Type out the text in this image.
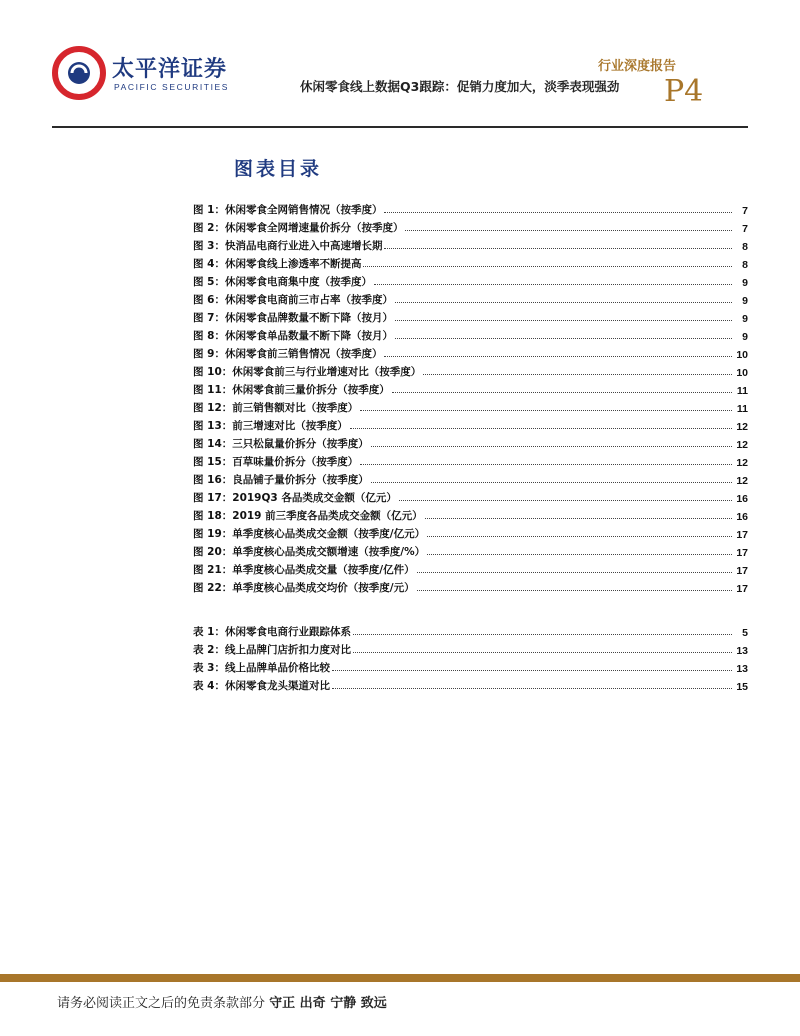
太平洋证券
PACIFIC SECURITIES
行业深度报告
休闲零食线上数据Q3跟踪：促销力度加大，淡季表现强劲 P4
图表目录
图 1：休闲零食全网销售情况（按季度）	7
图 2：休闲零食全网增速量价拆分（按季度）	7
图 3：快消品电商行业进入中高速增长期	8
图 4：休闲零食线上渗透率不断提高	8
图 5：休闲零食电商集中度（按季度）	9
图 6：休闲零食电商前三市占率（按季度）	9
图 7：休闲零食品牌数量不断下降（按月）	9
图 8：休闲零食单品数量不断下降（按月）	9
图 9：休闲零食前三销售情况（按季度）	10
图 10：休闲零食前三与行业增速对比（按季度）	10
图 11：休闲零食前三量价拆分（按季度）	11
图 12：前三销售额对比（按季度）	11
图 13：前三增速对比（按季度）	12
图 14：三只松鼠量价拆分（按季度）	12
图 15：百草味量价拆分（按季度）	12
图 16：良品铺子量价拆分（按季度）	12
图 17：2019Q3 各品类成交金额（亿元）	16
图 18：2019 前三季度各品类成交金额（亿元）	16
图 19：单季度核心品类成交金额（按季度/亿元）	17
图 20：单季度核心品类成交额增速（按季度/%）	17
图 21：单季度核心品类成交量（按季度/亿件）	17
图 22：单季度核心品类成交均价（按季度/元）	17
表 1：休闲零食电商行业跟踪体系	5
表 2：线上品牌门店折扣力度对比	13
表 3：线上品牌单品价格比较	13
表 4：休闲零食龙头渠道对比	15
请务必阅读正文之后的免责条款部分 守正 出奇 宁静 致远
